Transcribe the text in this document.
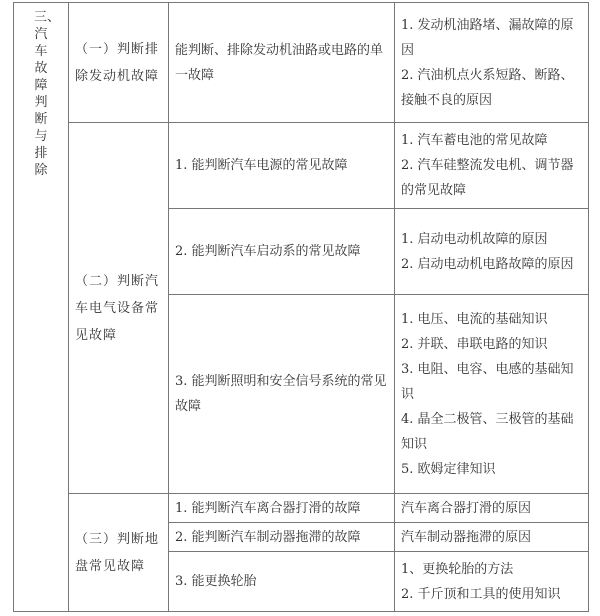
三、
汽车故障判断与排除	（一）判断排除发动机故障	能判断、排除发动机油路或电路的单一故障	1. 发动机油路堵、漏故障的原因
2. 汽油机点火系短路、断路、接触不良的原因

	（二）判断汽车电气设备常见故障	1. 能判断汽车电源的常见故障	1. 汽车蓄电池的常见故障
2. 汽车硅整流发电机、调节器的常见故障

		2. 能判断汽车启动系的常见故障	1. 启动电动机故障的原因
2. 启动电动机电路故障的原因

		3. 能判断照明和安全信号系统的常见故障	1. 电压、电流的基础知识
2. 并联、串联电路的知识
3. 电阻、电容、电感的基础知识
4. 晶全二极管、三极管的基础知识
5. 欧姆定律知识

	（三）判断地盘常见故障	1. 能判断汽车离合器打滑的故障	汽车离合器打滑的原因

		2. 能判断汽车制动器拖滞的故障	汽车制动器拖滞的原因

		3. 能更换轮胎	1、更换轮胎的方法
2. 千斤顶和工具的使用知识
